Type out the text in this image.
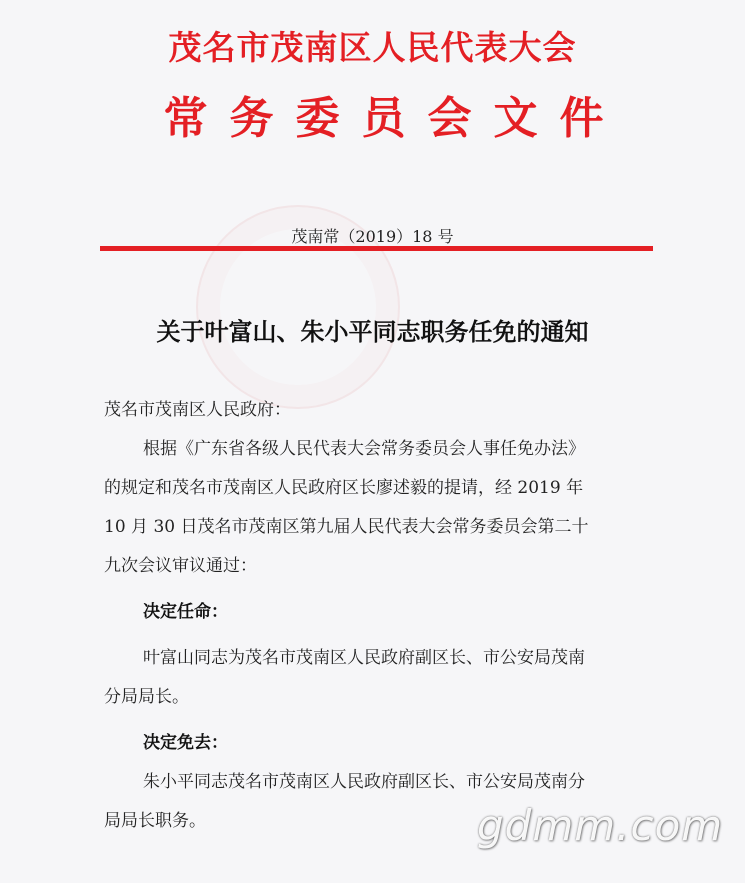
茂名市茂南区人民代表大会
常务委员会文件
茂南常（2019）18 号
关于叶富山、朱小平同志职务任免的通知
茂名市茂南区人民政府：
根据《广东省各级人民代表大会常务委员会人事任免办法》
的规定和茂名市茂南区人民政府区长廖述毅的提请，经 2019 年
10 月 30 日茂名市茂南区第九届人民代表大会常务委员会第二十
九次会议审议通过：
决定任命：
叶富山同志为茂名市茂南区人民政府副区长、市公安局茂南
分局局长。
决定免去：
朱小平同志茂名市茂南区人民政府副区长、市公安局茂南分
局局长职务。	gdmm.com
